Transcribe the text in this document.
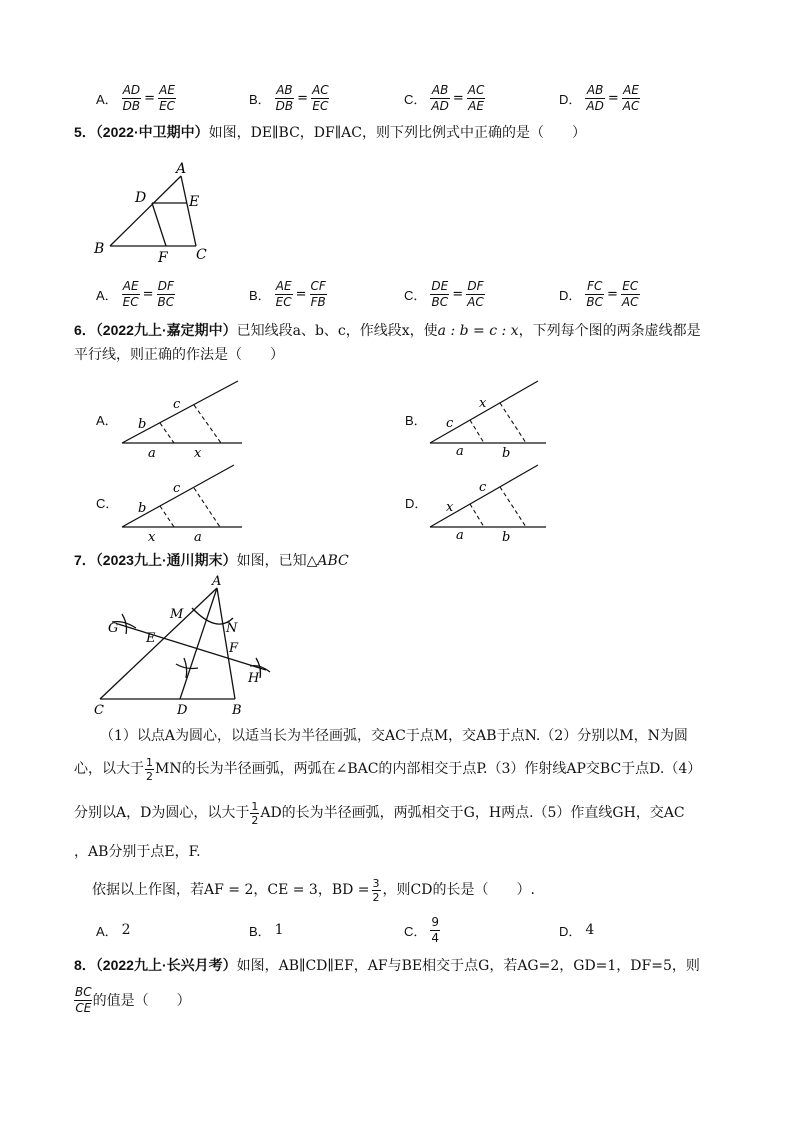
A． $\frac{AD}{DB} = \frac{AE}{EC}$	B． $\frac{AB}{DB} = \frac{AC}{EC}$	C． $\frac{AB}{AD} = \frac{AC}{AE}$	D． $\frac{AB}{AD} = \frac{AE}{AC}$
5．（2022·中卫期中）如图，DE∥BC，DF∥AC，则下列比例式中正确的是（　　）
A
D	E
B
F C
A． $\frac{AE}{EC} = \frac{DF}{BC}$	B． $\frac{AE}{EC} = \frac{CF}{FB}$	C． $\frac{DE}{BC} = \frac{DF}{AC}$	D． $\frac{FC}{BC} = \frac{EC}{AC}$
6．（2022九上·嘉定期中）已知线段a、b、c，作线段x，使a : b = c : x，下列每个图的两条虚线都是
平行线，则正确的作法是（　　）
A． b
c
a	x
B． c
x
a	b
C． b
c
x	a
D． x
c
a	b
7．（2023九上·通川期末）如图，已知△ABC
A
M
N
G
E
F
H
C	D	B
（1）以点A为圆心，以适当长为半径画弧，交AC于点M，交AB于点N.（2）分别以M，N为圆
心，以大于 $\frac{1}{2}$ MN的长为半径画弧，两弧在∠BAC的内部相交于点P.（3）作射线AP交BC于点D.（4）
分别以A，D为圆心，以大于 $\frac{1}{2}$ AD的长为半径画弧，两弧相交于G，H两点.（5）作直线GH，交AC
，AB分别于点E，F.
依据以上作图，若AF = 2，CE = 3，BD = $\frac{3}{2}$ ，则CD的长是（　　）.
A． 2	B． 1	C． $\frac{9}{4}$	D． 4
8．（2022九上·长兴月考）如图，AB∥CD∥EF，AF与BE相交于点G，若AG=2，GD=1，DF=5，则
$\frac{BC}{CE}$ 的值是（　　）
